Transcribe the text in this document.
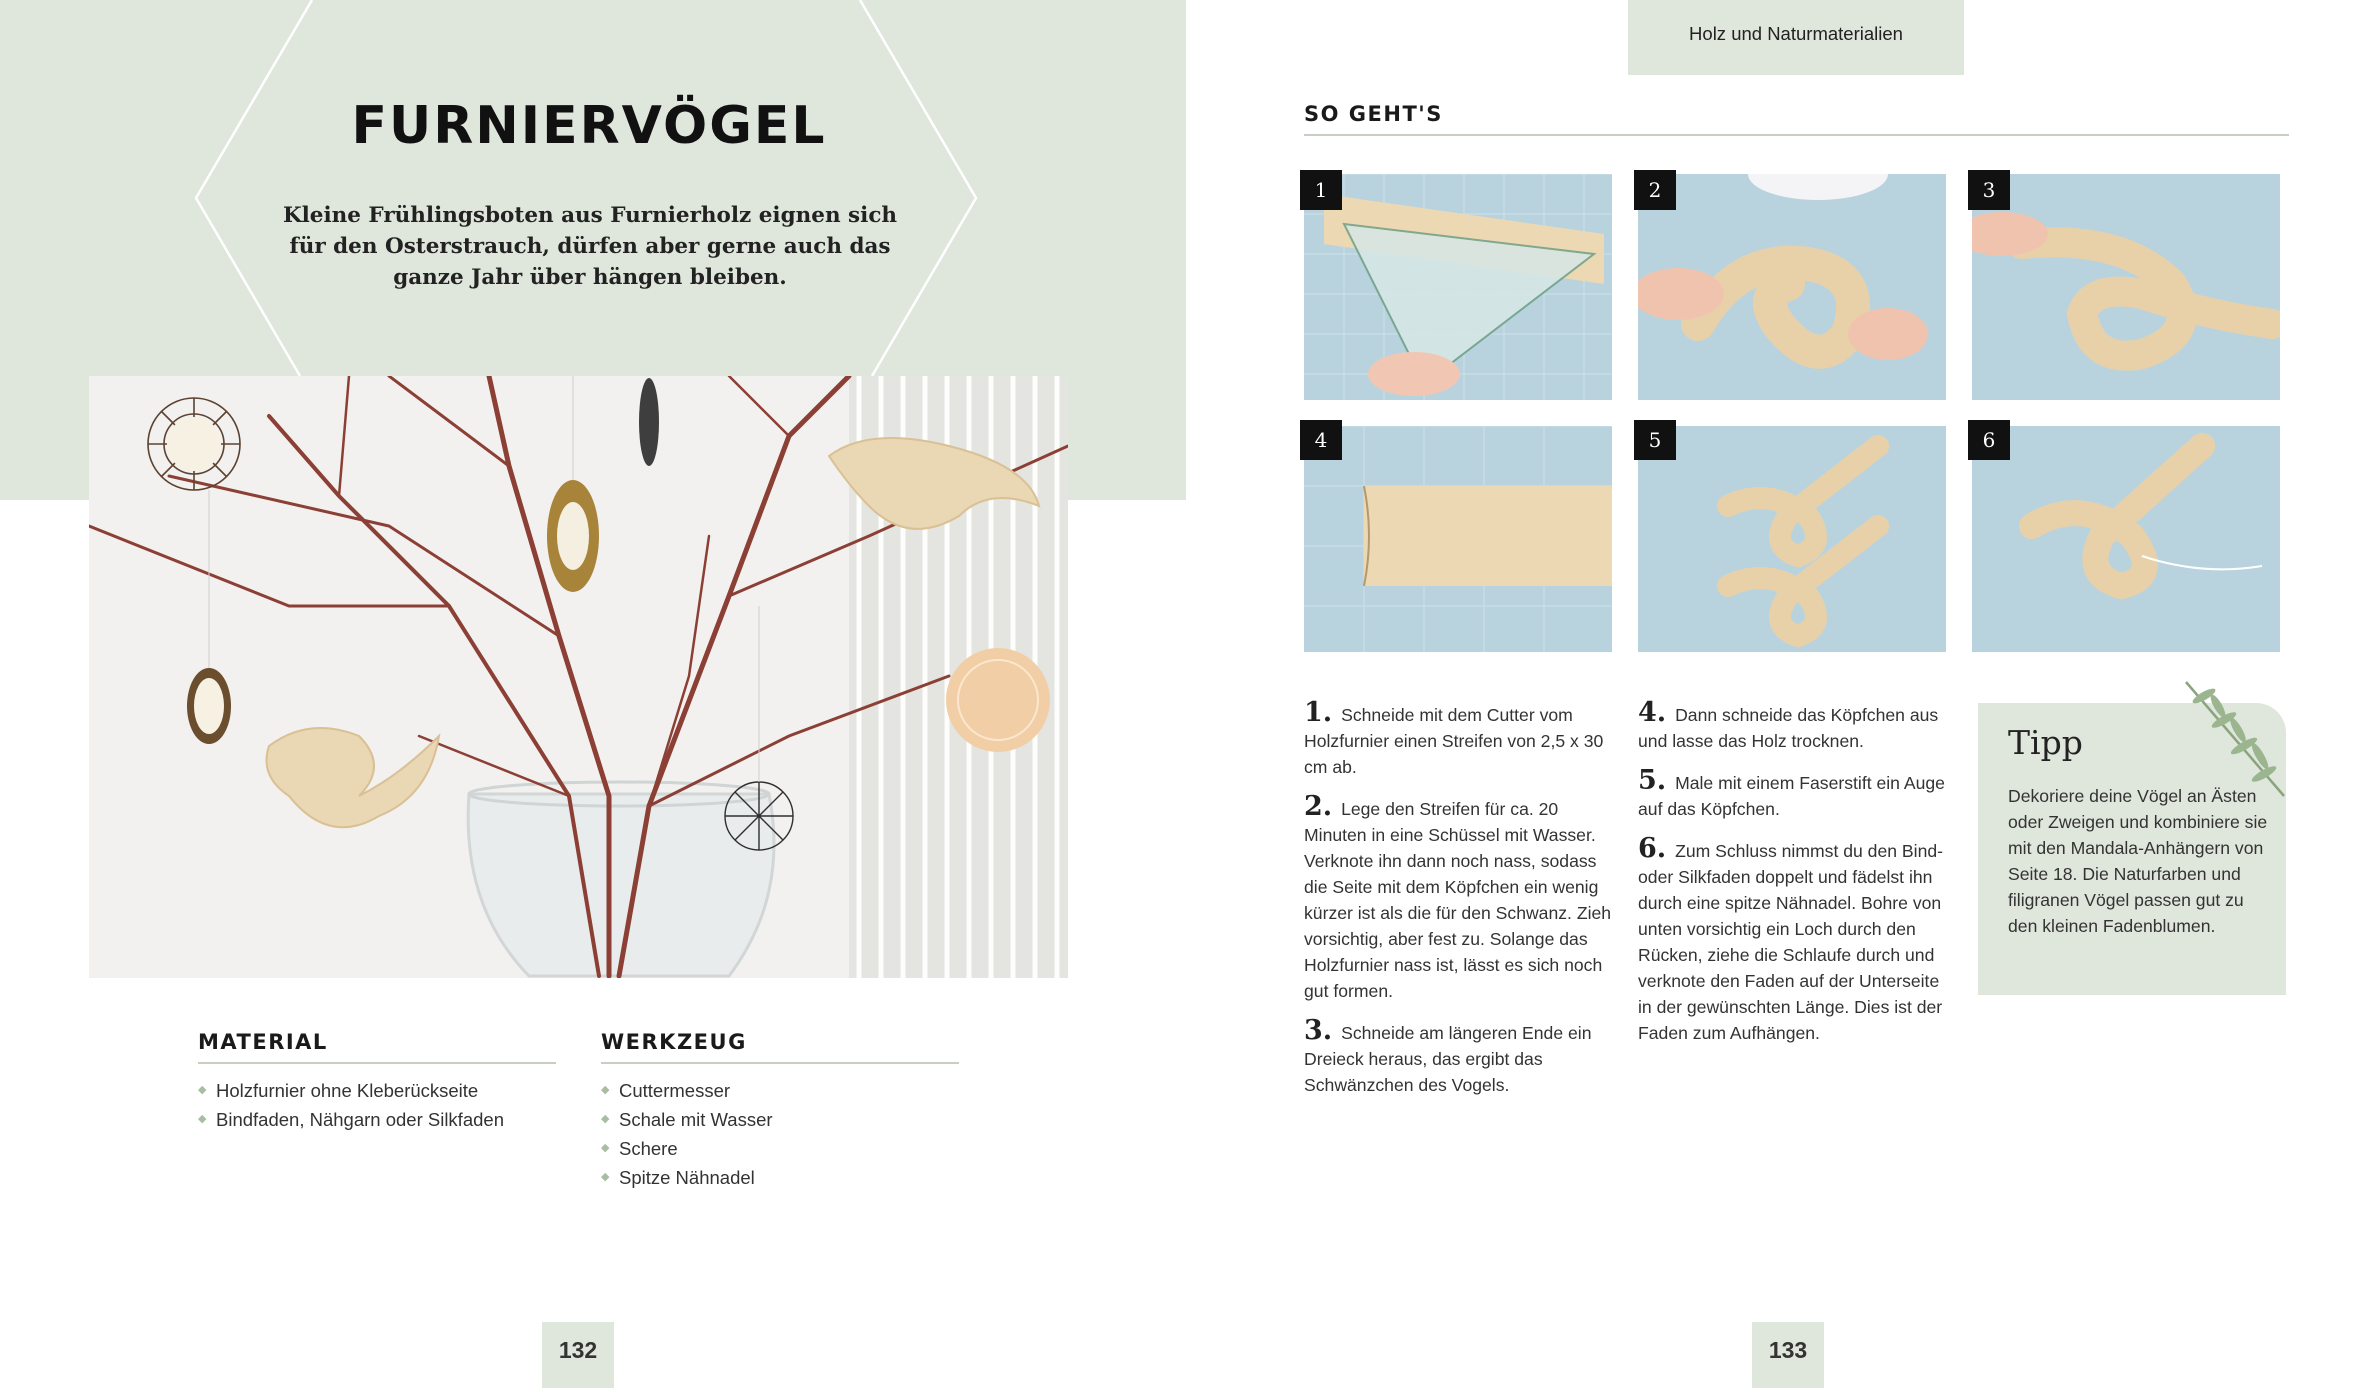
FURNIERVÖGEL
Kleine Frühlingsboten aus Furnierholz eignen sich für den Osterstrauch, dürfen aber gerne auch das ganze Jahr über hängen bleiben.
MATERIAL
◆ Holzfurnier ohne Kleberückseite
◆ Bindfaden, Nähgarn oder Silkfaden
WERKZEUG
◆ Cuttermesser
◆ Schale mit Wasser
◆ Schere
◆ Spitze Nähnadel
132
Holz und Naturmaterialien
SO GEHT'S
1	2	3
4	5	6

1. Schneide mit dem Cutter vom Holzfurnier einen Streifen von 2,5 x 30 cm ab.

2. Lege den Streifen für ca. 20 Minuten in eine Schüssel mit Wasser. Verknote ihn dann noch nass, sodass die Seite mit dem Köpfchen ein wenig kürzer ist als die für den Schwanz. Zieh vorsichtig, aber fest zu. Solange das Holzfurnier nass ist, lässt es sich noch gut formen.

3. Schneide am längeren Ende ein Dreieck heraus, das ergibt das Schwänzchen des Vogels.

4. Dann schneide das Köpfchen aus und lasse das Holz trocknen.

5. Male mit einem Faserstift ein Auge auf das Köpfchen.

6. Zum Schluss nimmst du den Bind- oder Silkfaden doppelt und fädelst ihn durch eine spitze Nähnadel. Bohre von unten vorsichtig ein Loch durch den Rücken, ziehe die Schlaufe durch und verknote den Faden auf der Unterseite in der gewünschten Länge. Dies ist der Faden zum Aufhängen.

Tipp
Dekoriere deine Vögel an Ästen oder Zweigen und kombiniere sie mit den Mandala-Anhängern von Seite 18. Die Naturfarben und filigranen Vögel passen gut zu den kleinen Fadenblumen.
133
